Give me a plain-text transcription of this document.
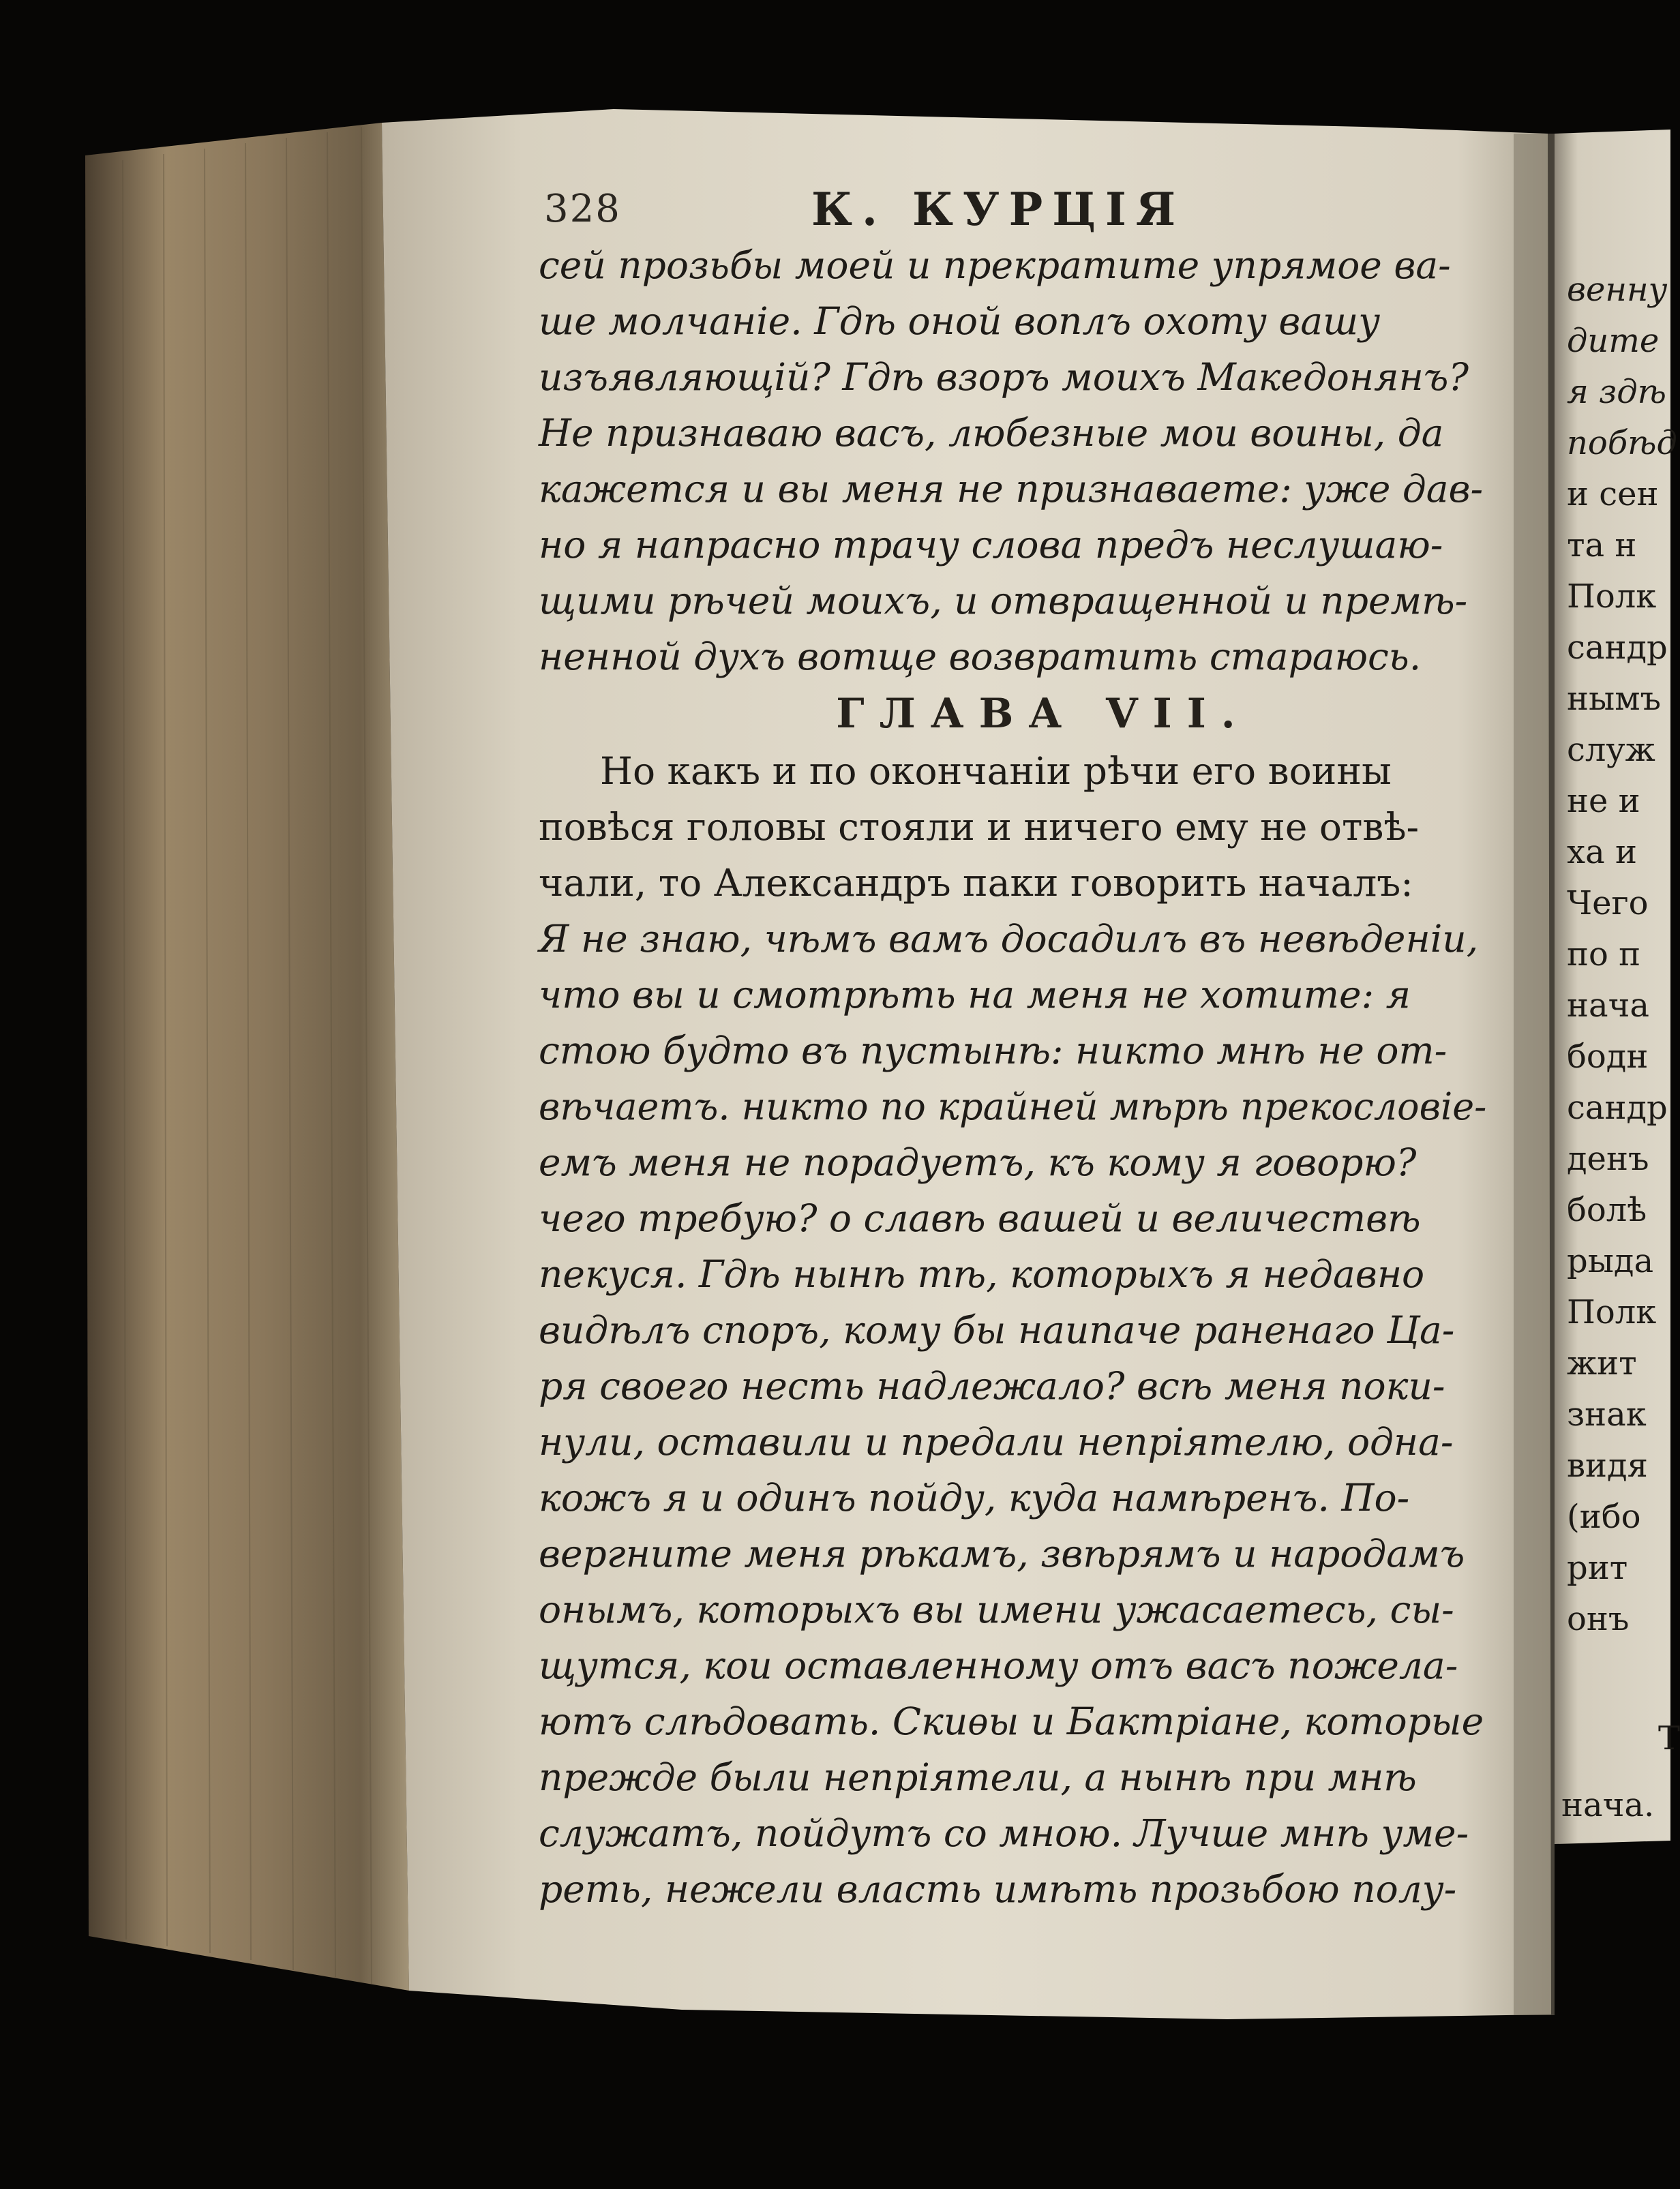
328	К. КУРЦІЯ
сей прозьбы моей и прекратите упрямое ва-
ше молчаніе. Гдѣ оной воплъ охоту вашу
изъявляющій? Гдѣ взоръ моихъ Македонянъ?
Не признаваю васъ, любезные мои воины, да
кажется и вы меня не признаваете: уже дав-
но я напрасно трачу слова предъ неслушаю-
щими рѣчей моихъ, и отвращенной и премѣ-
ненной духъ вотще возвратить стараюсь.
ГЛАВА VII.
Но какъ и по окончаніи рѣчи его воины
повѣся головы стояли и ничего ему не отвѣ-
чали, то Александръ паки говорить началъ:
Я не знаю, чѣмъ вамъ досадилъ въ невѣденіи,
что вы и смотрѣть на меня не хотите: я
стою будто въ пустынѣ: никто мнѣ не от-
вѣчаетъ. никто по крайней мѣрѣ прекословіе-
емъ меня не порадуетъ, къ кому я говорю?
чего требую? о славѣ вашей и величествѣ
пекуся. Гдѣ нынѣ тѣ, которыхъ я недавно
видѣлъ споръ, кому бы наипаче раненаго Ца-
ря своего несть надлежало? всѣ меня поки-
нули, оставили и предали непріятелю, одна-
кожъ я и одинъ пойду, куда намѣренъ. По-
вергните меня рѣкамъ, звѣрямъ и народамъ
онымъ, которыхъ вы имени ужасаетесь, сы-
щутся, кои оставленному отъ васъ пожела-
ютъ слѣдовать. Скиѳы и Бактріане, которые
прежде были непріятели, а нынѣ при мнѣ
служатъ, пойдутъ со мною. Лучше мнѣ уме-
реть, нежели власть имѣть прозьбою полу-
венну
дите
я здѣ
побѣд
и сен
та н
Полк
сандр
нымъ
служ
не и
ха и
Чего
по п
нача
бодн
сандр
денъ
болѣ
рыда
Полк
жит
знак
видя
(ибо
рит
онъ
Т
нача.
